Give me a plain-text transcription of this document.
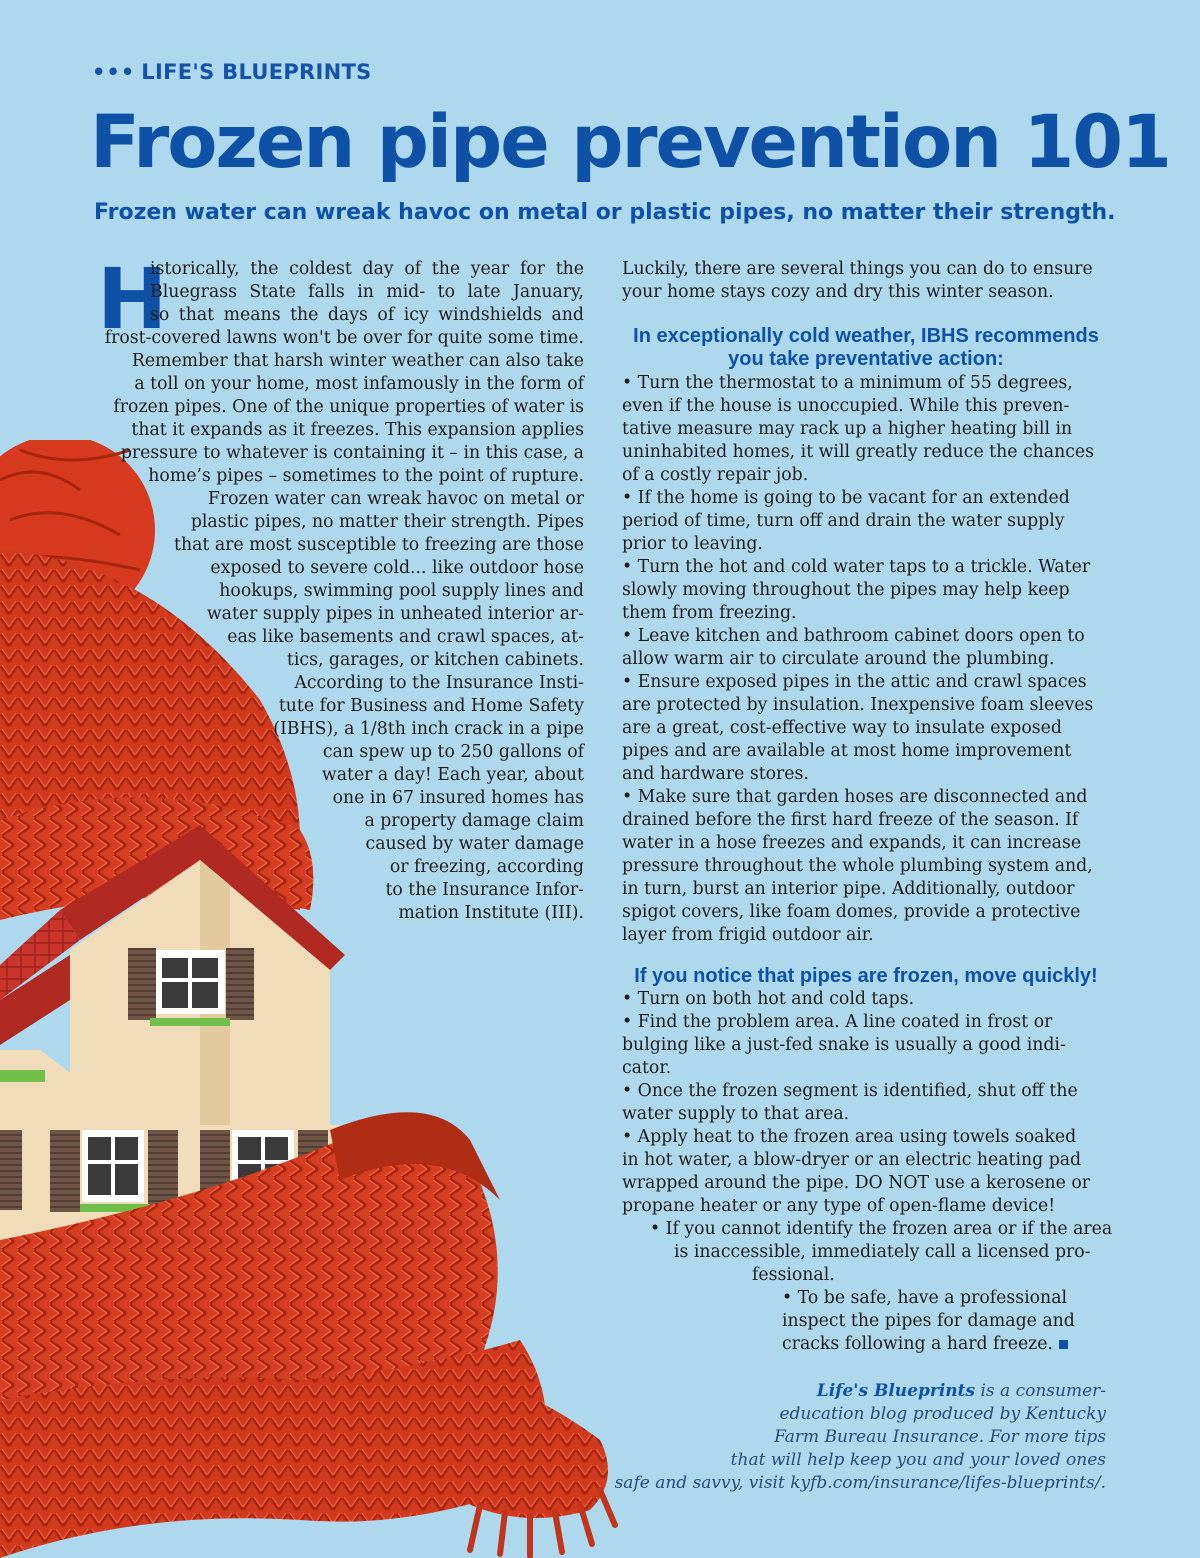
••• LIFE'S BLUEPRINTS
Frozen pipe prevention 101
Frozen water can wreak havoc on metal or plastic pipes, no matter their strength.
H
istorically, the coldest day of the year for the
Bluegrass State falls in mid- to late January,
so that means the days of icy windshields and
frost-covered lawns won't be over for quite some time.
Remember that harsh winter weather can also take
a toll on your home, most infamously in the form of
frozen pipes. One of the unique properties of water is
that it expands as it freezes. This expansion applies
pressure to whatever is containing it – in this case, a
home’s pipes – sometimes to the point of rupture.
Frozen water can wreak havoc on metal or
plastic pipes, no matter their strength. Pipes
that are most susceptible to freezing are those
exposed to severe cold... like outdoor hose
hookups, swimming pool supply lines and
water supply pipes in unheated interior ar-
eas like basements and crawl spaces, at-
tics, garages, or kitchen cabinets.
According to the Insurance Insti-
tute for Business and Home Safety
(IBHS), a 1/8th inch crack in a pipe
can spew up to 250 gallons of
water a day! Each year, about
one in 67 insured homes has
a property damage claim
caused by water damage
or freezing, according
to the Insurance Infor-
mation Institute (III).
Luckily, there are several things you can do to ensure
your home stays cozy and dry this winter season.
In exceptionally cold weather, IBHS recommends
you take preventative action:
• Turn the thermostat to a minimum of 55 degrees,
even if the house is unoccupied. While this preven-
tative measure may rack up a higher heating bill in
uninhabited homes, it will greatly reduce the chances
of a costly repair job.
• If the home is going to be vacant for an extended
period of time, turn off and drain the water supply
prior to leaving.
• Turn the hot and cold water taps to a trickle. Water
slowly moving throughout the pipes may help keep
them from freezing.
• Leave kitchen and bathroom cabinet doors open to
allow warm air to circulate around the plumbing.
• Ensure exposed pipes in the attic and crawl spaces
are protected by insulation. Inexpensive foam sleeves
are a great, cost-effective way to insulate exposed
pipes and are available at most home improvement
and hardware stores.
• Make sure that garden hoses are disconnected and
drained before the first hard freeze of the season. If
water in a hose freezes and expands, it can increase
pressure throughout the whole plumbing system and,
in turn, burst an interior pipe. Additionally, outdoor
spigot covers, like foam domes, provide a protective
layer from frigid outdoor air.
If you notice that pipes are frozen, move quickly!
• Turn on both hot and cold taps.
• Find the problem area. A line coated in frost or
bulging like a just-fed snake is usually a good indi-
cator.
• Once the frozen segment is identified, shut off the
water supply to that area.
• Apply heat to the frozen area using towels soaked
in hot water, a blow-dryer or an electric heating pad
wrapped around the pipe. DO NOT use a kerosene or
propane heater or any type of open-flame device!
• If you cannot identify the frozen area or if the area
is inaccessible, immediately call a licensed pro-
fessional.
• To be safe, have a professional
inspect the pipes for damage and
cracks following a hard freeze.
Life's Blueprints is a consumer-
education blog produced by Kentucky
Farm Bureau Insurance. For more tips
that will help keep you and your loved ones
safe and savvy, visit kyfb.com/insurance/lifes-blueprints/.
